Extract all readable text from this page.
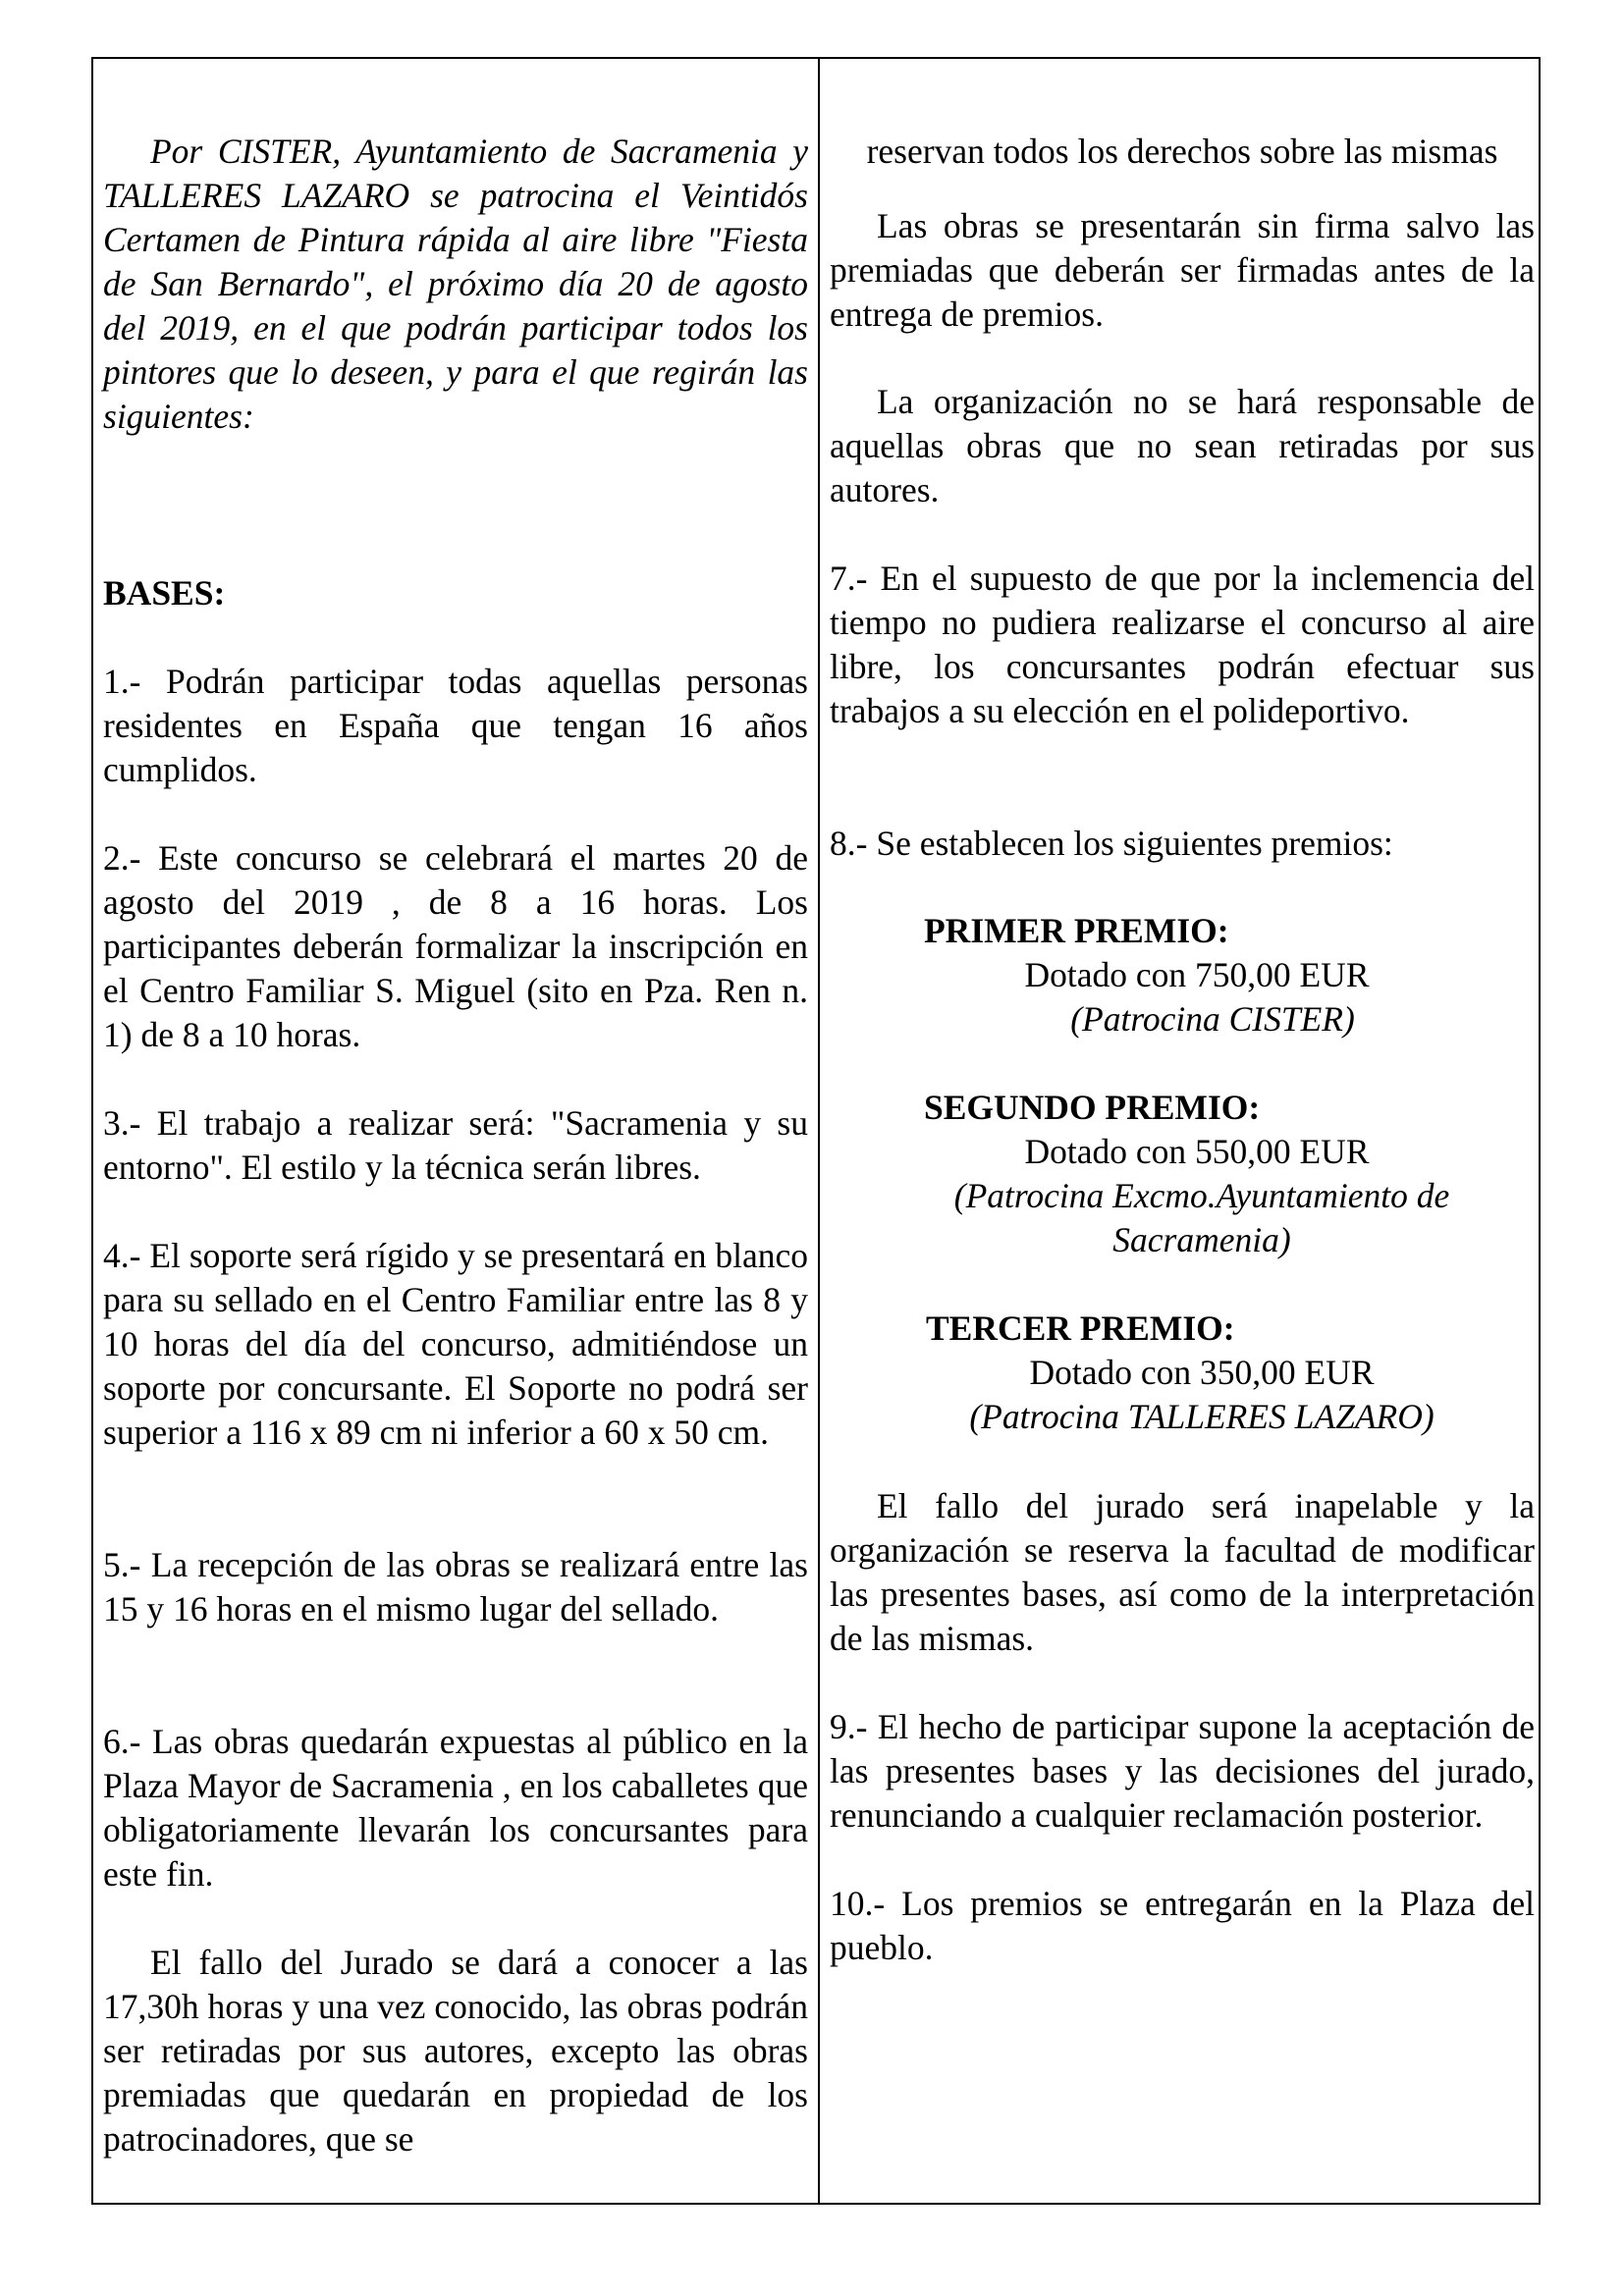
Por CISTER, Ayuntamiento de Sacramenia y TALLERES LAZARO se patrocina el Veintidós Certamen de Pintura rápida al aire libre "Fiesta de San Bernardo", el próximo día 20 de agosto del 2019, en el que podrán participar todos los pintores que lo deseen, y para el que regirán las siguientes:

BASES:

1.- Podrán participar todas aquellas personas residentes en España que tengan 16 años cumplidos.

2.- Este concurso se celebrará el martes 20 de agosto del 2019 , de 8 a 16 horas. Los participantes deberán formalizar la inscripción en el Centro Familiar S. Miguel (sito en Pza. Ren n. 1) de 8 a 10 horas.

3.- El trabajo a realizar será: "Sacramenia y su entorno". El estilo y la técnica serán libres.

4.- El soporte será rígido y se presentará en blanco para su sellado en el Centro Familiar entre las 8 y 10 horas del día del concurso, admitiéndose un soporte por concursante. El Soporte no podrá ser superior a 116 x 89 cm ni inferior a 60 x 50 cm.

5.- La recepción de las obras se realizará entre las 15 y 16 horas en el mismo lugar del sellado.

6.- Las obras quedarán expuestas al público en la Plaza Mayor de Sacramenia , en los caballetes que obligatoriamente llevarán los concursantes para este fin.

El fallo del Jurado se dará a conocer a las 17,30h horas y una vez conocido, las obras podrán ser retiradas por sus autores, excepto las obras premiadas que quedarán en propiedad de los patrocinadores, que se

reservan todos los derechos sobre las mismas

Las obras se presentarán sin firma salvo las premiadas que deberán ser firmadas antes de la entrega de premios.

La organización no se hará responsable de aquellas obras que no sean retiradas por sus autores.

7.- En el supuesto de que por la inclemencia del tiempo no pudiera realizarse el concurso al aire libre, los concursantes podrán efectuar sus trabajos a su elección en el polideportivo.

8.- Se establecen los siguientes premios:

PRIMER PREMIO:

Dotado con 750,00 EUR

(Patrocina CISTER)

SEGUNDO PREMIO:

Dotado con 550,00 EUR

(Patrocina Excmo.Ayuntamiento de

Sacramenia)

TERCER PREMIO:

Dotado con 350,00 EUR

(Patrocina TALLERES LAZARO)

El fallo del jurado será inapelable y la organización se reserva la facultad de modificar las presentes bases, así como de la interpretación de las mismas.

9.- El hecho de participar supone la aceptación de las presentes bases y las decisiones del jurado, renunciando a cualquier reclamación posterior.

10.- Los premios se entregarán en la Plaza del pueblo.
